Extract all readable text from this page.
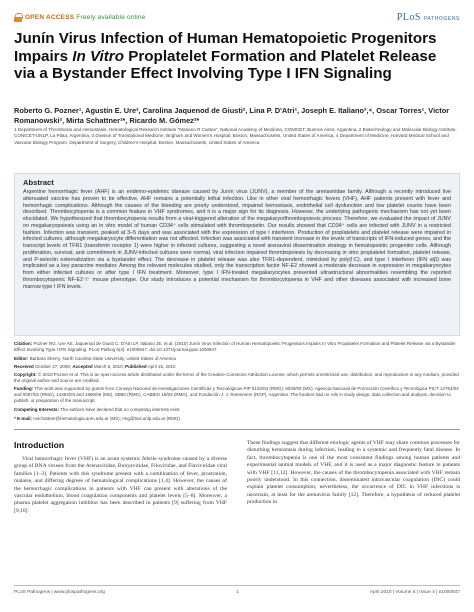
OPEN ACCESS Freely available online	PLoS PATHOGENS
Junín Virus Infection of Human Hematopoietic Progenitors Impairs In Vitro Proplatelet Formation and Platelet Release via a Bystander Effect Involving Type I IFN Signaling
Roberto G. Pozner¹, Agustín E. Ure², Carolina Jaquenod de Giusti², Lina P. D'Atri¹, Joseph E. Italiano³,⁴, Oscar Torres¹, Victor Romanowski², Mirta Schattner¹*, Ricardo M. Gómez²*
1 Department of Thrombosis and Hemostasis, Hematological Research Institute "Mariano R Castex", National Academy of Medicine, CONICET, Buenos Aires, Argentina, 2 Biotechnology and Molecular Biology Institute, CONICET-UNLP, La Plata, Argentina, 3 Division of Translational Medicine, Brigham and Women's Hospital, Boston, Massachusetts, United States of America, 4 Department of Medicine, Harvard Medical School and Vascular Biology Program, Department of Surgery, Children's Hospital, Boston, Massachusetts, United States of America
Abstract

Argentine hemorrhagic fever (AHF) is an endemo-epidemic disease caused by Junín virus (JUNV), a member of the arenaviridae family. Although a recently introduced live attenuated vaccine has proven to be effective, AHF remains a potentially lethal infection. Like in other viral hemorrhagic fevers (VHF), AHF patients present with fever and hemorrhagic complications. Although the causes of the bleeding are poorly understood, impaired hemostasis, endothelial cell dysfunction and low platelet counts have been described. Thrombocytopenia is a common feature in VHF syndromes, and it is a major sign for its diagnosis. However, the underlying pathogenic mechanism has not yet been elucidated. We hypothesized that thrombocytopenia results from a viral-triggered alteration of the megakaryo/thrombopoiesis process. Therefore, we evaluated the impact of JUNV on megakaryopoiesis using an in vitro model of human CD34⁺ cells stimulated with thrombopoietin. Our results showed that CD34⁺ cells are infected with JUNV in a restricted fashion. Infection was transient, peaked at 3–5 days and was associated with the expression of type I interferon. Production of proplatelets and platelet release were impaired in infected cultures, although megakaryocyte differentiation was not affected. Infection was associated with transient increase in the levels of transcripts of IFN-induced genes, and the transcript levels of TFR1 (transferrin receptor 1) were higher in infected cultures, suggesting a novel arenaviral dissemination strategy in hematopoietic progenitor cells. Although proliferation, survival, and commitment in JUNV-infected cultures were normal, viral infection impaired thrombopoiesis by decreasing in vitro proplatelet formation, platelet release, and P-selectin externalization via a bystander effect. The decrease in platelet release was also TFR1-dependent, mimicked by poly(I:C), and type I interferon (IFN α/β) was implicated as a key paracrine mediator. Among the relevant molecules studied, only the transcription factor NF-E2 showed a moderate decrease in expression in megakaryocytes from either infected cultures or after type I IFN treatment. Moreover, type I IFN-treated megakaryocytes presented ultrastructural abnormalities resembling the reported thrombocytopenic NF-E2⁻/⁻ mouse phenotype. Our study introduces a potential mechanism for thrombocytopenia in VHF and other diseases associated with increased bone marrow type I IFN levels.

Citation: Pozner RG, Ure AE, Jaquenod de Giusti C, D'Atri LP, Italiano JE, et al. (2010) Junín Virus Infection of Human Hematopoietic Progenitors Impairs In Vitro Proplatelet Formation and Platelet Release via a Bystander Effect Involving Type I IFN Signaling. PLoS Pathog 6(4): e1000847. doi:10.1371/journal.ppat.1000847
Editor: Barbara Sherry, North Carolina State University, United States of America
Received October 27, 2009; Accepted March 5, 2010; Published April 15, 2010
Copyright: © 2010 Pozner et al. This is an open-access article distributed under the terms of the Creative Commons Attribution License, which permits unrestricted use, distribution, and reproduction in any medium, provided the original author and source are credited.
Funding: This work was supported by grants from Consejo Nacional de Investigaciones Científicas y Tecnológicas PIP 5102/04 (RMG), 6029/05 (MS), Agencia Nacional de Promoción Científica y Tecnológica PICT 12764/04 and 0087/02 (RMG), 14353/03 and 1990/06 (MS), SB80 (RMG), CABBIO 19/04 (RMG), and Fundación J. J. Roemmers (RGP), Argentina. The funders had no role in study design, data collection and analysis, decision to publish, or preparation of the manuscript.
Competing Interests: The authors have declared that no competing interests exist.
* E-mail: mschattner@hematologia.anm.edu.ar (MS); rmg@biol.unlp.edu.ar (RMG)
Introduction

Viral hemorrhagic fever (VHF) is an acute systemic febrile syndrome caused by a diverse group of RNA viruses from the Arenaviridae, Bunyaviridae, Filoviridae, and Flaviviridae viral families [1–3]. Patients with this syndrome present with a combination of fever, prostration, malaise, and differing degrees of hematological complications [1,4]. However, the causes of the hemorrhagic complications in patients with VHF can present with alterations of the vascular endothelium, blood coagulation components and platelet levels [5–8]. Moreover, a plasma platelet aggregation inhibitor has been described in patients [9] suffering from VHF [9,10].

These findings suggest that different etiologic agents of VHF may share common processes for disturbing hemostasis during infection, leading to a systemic and frequently fatal disease. In fact, thrombocytopenia is one of the most consistent findings among human patients and experimental animal models of VHF, and it is used as a major diagnostic feature in patients with VHF [11,12]. However, the causes of the thrombocytopenia associated with VHF remain poorly understood. In this connection, disseminated intravascular coagulation (DIC) could explain platelet consumption; nevertheless, the occurrence of DIC in VHF infections is uncertain, at least for the arenavirus family [12]. Therefore, a hypothesis of reduced platelet production in

PLoS Pathogens | www.plospathogens.org	1	April 2010 | Volume 6 | Issue 4 | e1000847
